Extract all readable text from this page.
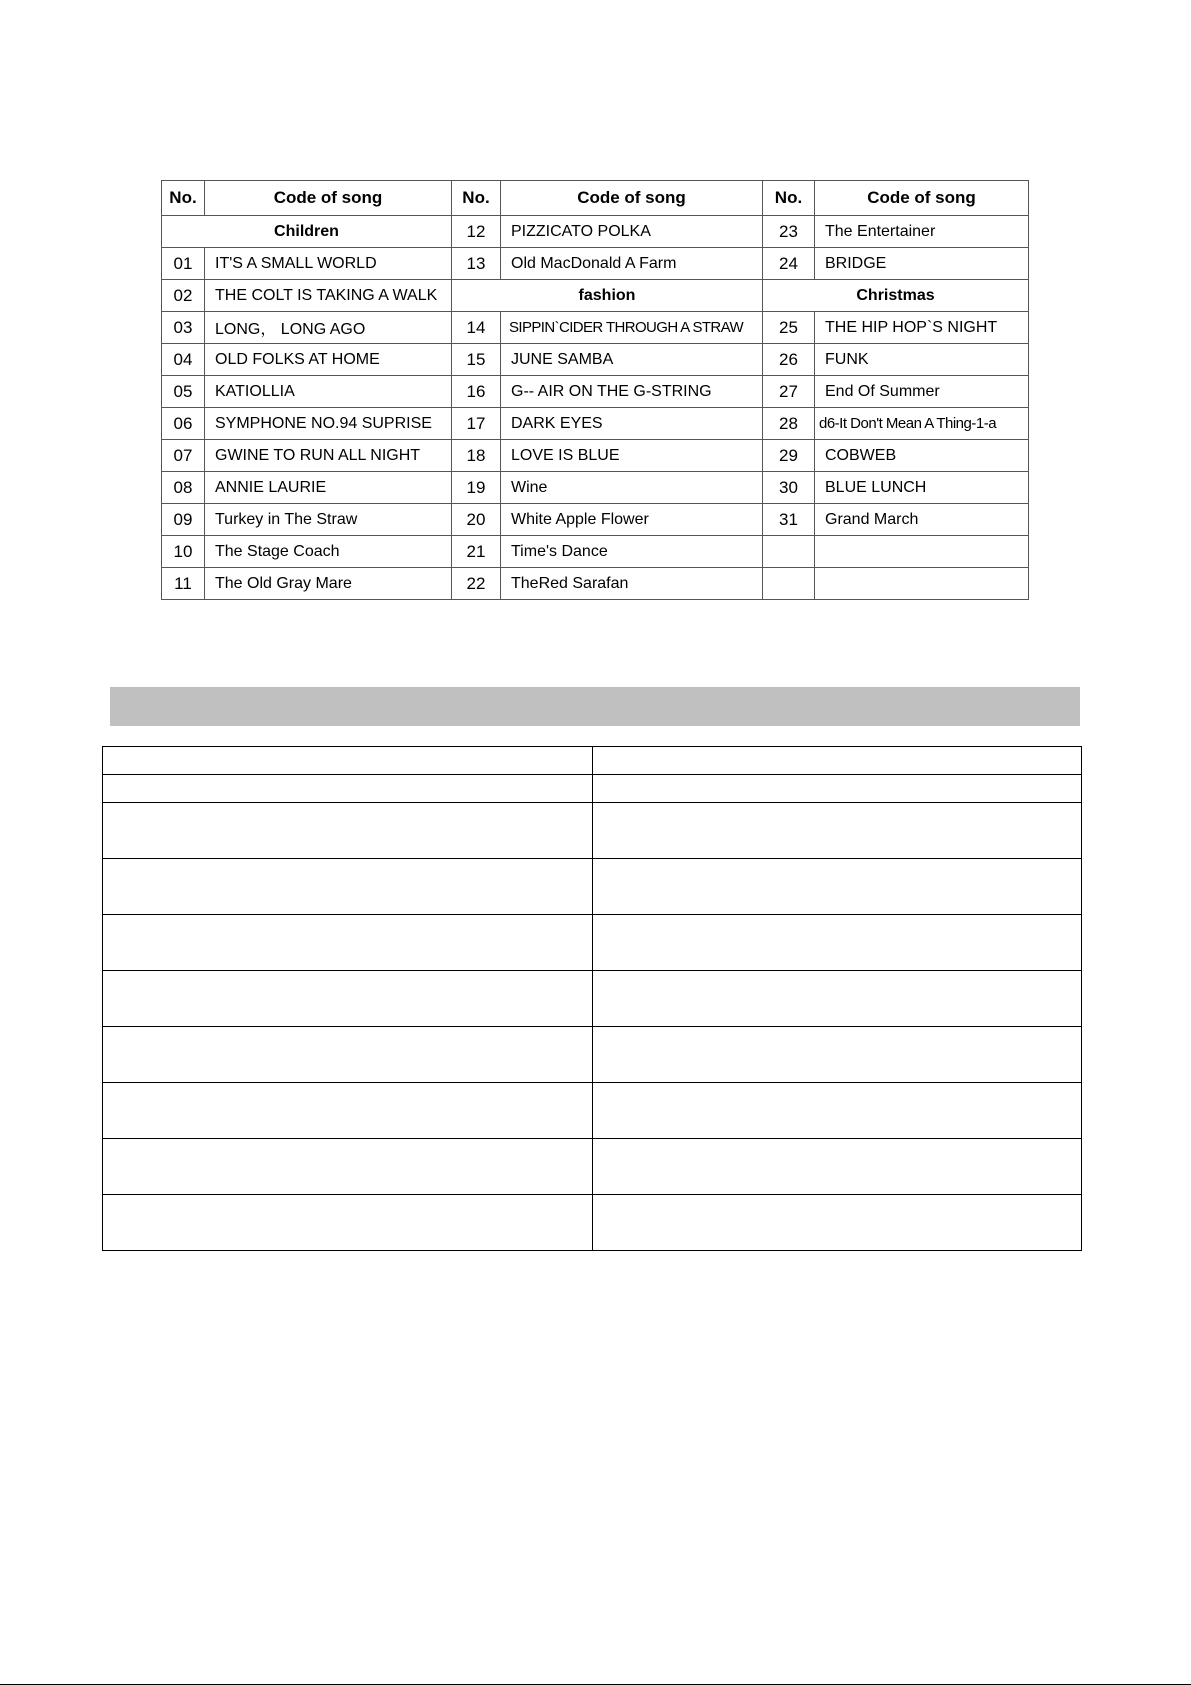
No.	Code of song	No.	Code of song	No.	Code of song
Children		12	PIZZICATO POLKA	23	The Entertainer
01	IT'S A SMALL WORLD	13	Old MacDonald A Farm	24	BRIDGE
02	THE COLT IS TAKING A WALK	fashion		Christmas	
03	LONG， LONG AGO	14	SIPPIN`CIDER THROUGH A STRAW	25	THE HIP HOP`S NIGHT
04	OLD FOLKS AT HOME	15	JUNE SAMBA	26	FUNK
05	KATIOLLIA	16	G-- AIR ON THE G-STRING	27	End Of Summer
06	SYMPHONE NO.94 SUPRISE	17	DARK EYES	28	d6-It Don't Mean A Thing-1-a
07	GWINE TO RUN ALL NIGHT	18	LOVE IS BLUE	29	COBWEB
08	ANNIE LAURIE	19	Wine	30	BLUE LUNCH
09	Turkey in The Straw	20	White Apple Flower	31	Grand March
10	The Stage Coach	21	Time's Dance		
11	The Old Gray Mare	22	TheRed Sarafan		
